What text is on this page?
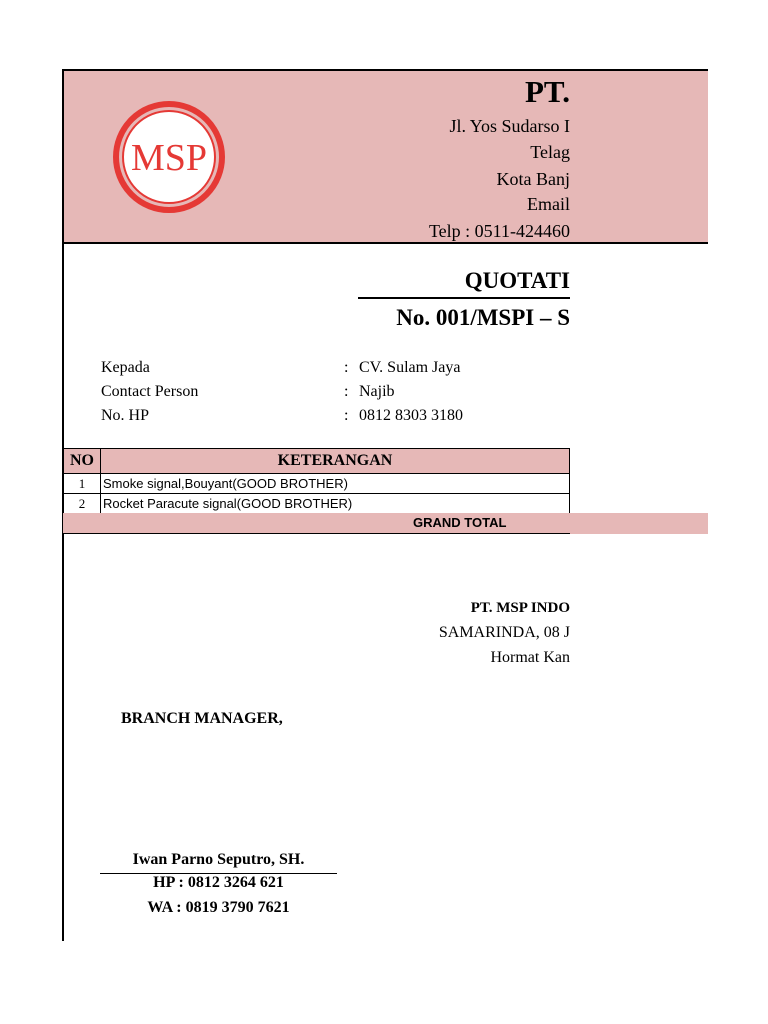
MSP
PT.
Jl. Yos Sudarso I
Telag
Kota Banj
Email
Telp : 0511-424460
QUOTATI
No. 001/MSPI – S
Kepada	: CV. Sulam Jaya
Contact Person	: Najib
No. HP	: 0812 8303 3180
NO	KETERANGAN
1	Smoke signal,Bouyant(GOOD BROTHER)
2	Rocket Paracute signal(GOOD BROTHER)
GRAND TOTAL
PT. MSP INDO
SAMARINDA, 08 J
Hormat Kan
BRANCH MANAGER,
Iwan Parno Seputro, SH.
HP : 0812 3264 621
WA : 0819 3790 7621
